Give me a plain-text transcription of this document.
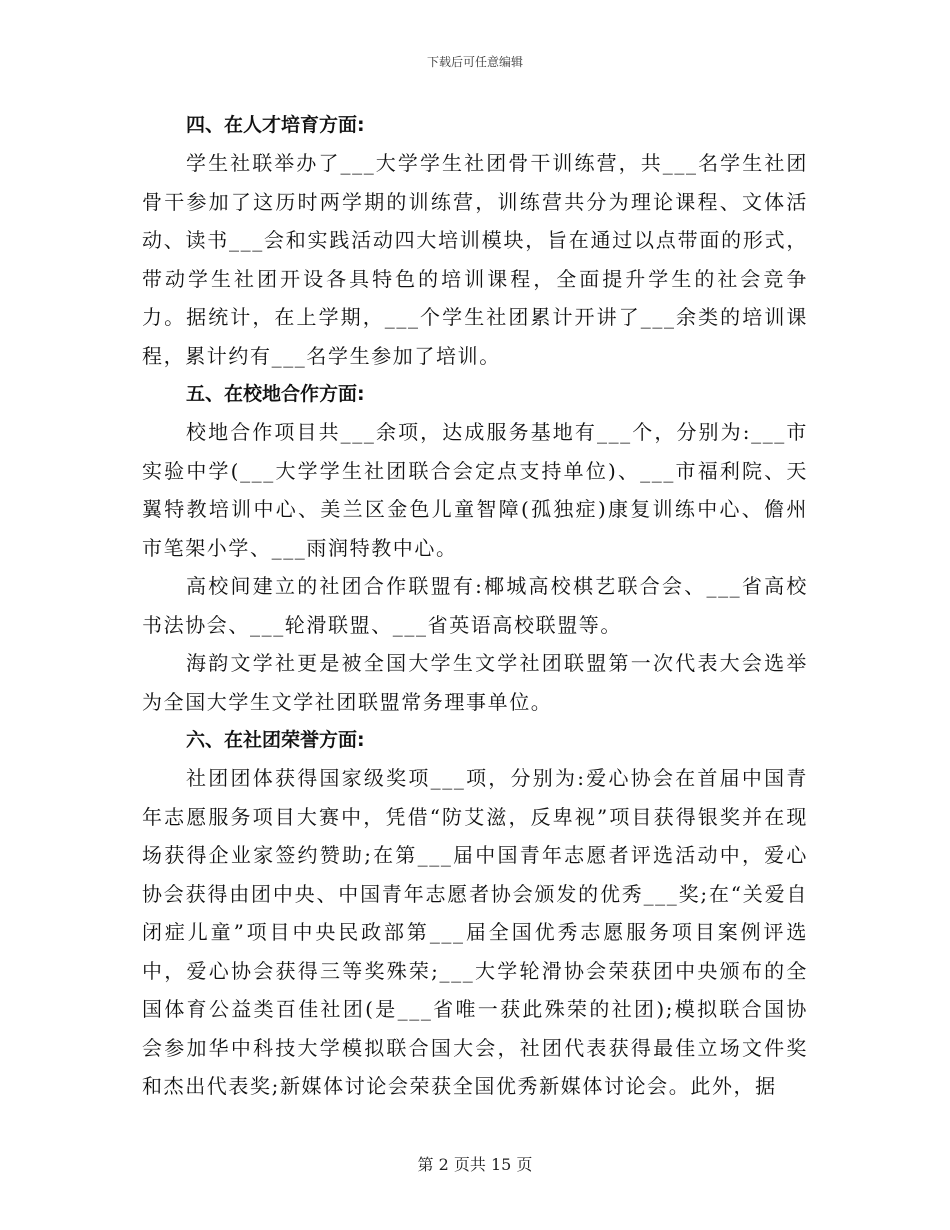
下载后可任意编辑
四、在人才培育方面:

学生社联举办了___大学学生社团骨干训练营，共___名学生社团骨干参加了这历时两学期的训练营，训练营共分为理论课程、文体活动、读书___会和实践活动四大培训模块，旨在通过以点带面的形式，带动学生社团开设各具特色的培训课程，全面提升学生的社会竞争力。据统计，在上学期，___个学生社团累计开讲了___余类的培训课程，累计约有___名学生参加了培训。

五、在校地合作方面:

校地合作项目共___余项，达成服务基地有___个，分别为:___市实验中学(___大学学生社团联合会定点支持单位)、___市福利院、天翼特教培训中心、美兰区金色儿童智障(孤独症)康复训练中心、儋州市笔架小学、___雨润特教中心。

高校间建立的社团合作联盟有:椰城高校棋艺联合会、___省高校书法协会、___轮滑联盟、___省英语高校联盟等。

海韵文学社更是被全国大学生文学社团联盟第一次代表大会选举为全国大学生文学社团联盟常务理事单位。

六、在社团荣誉方面:

社团团体获得国家级奖项___项，分别为:爱心协会在首届中国青年志愿服务项目大赛中，凭借“防艾滋，反卑视”项目获得银奖并在现场获得企业家签约赞助;在第___届中国青年志愿者评选活动中，爱心协会获得由团中央、中国青年志愿者协会颁发的优秀___奖;在“关爱自闭症儿童”项目中央民政部第___届全国优秀志愿服务项目案例评选中，爱心协会获得三等奖殊荣;___大学轮滑协会荣获团中央颁布的全国体育公益类百佳社团(是___省唯一获此殊荣的社团);模拟联合国协会参加华中科技大学模拟联合国大会，社团代表获得最佳立场文件奖和杰出代表奖;新媒体讨论会荣获全国优秀新媒体讨论会。此外，据

第 2 页共 15 页
